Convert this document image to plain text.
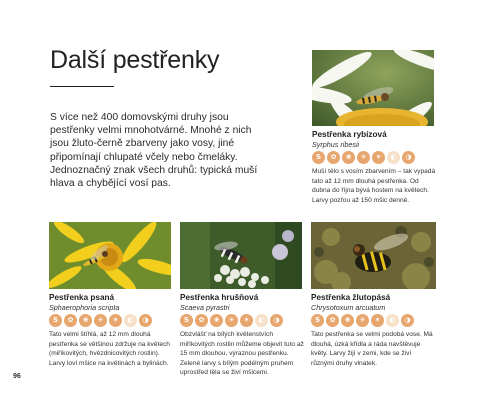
Další pestřenky
S více než 400 domovskými druhy jsou pestřenky velmi mnohotvárné. Mnohé z nich jsou žluto-černě zbarveny jako vosy, jiné připomínají chlupaté včely nebo čmeláky. Jednoznačný znak všech druhů: typická muší hlava a chybějící vosí pas.

Pestřenka rybízová

Syrphus ribesii

S	✿	❀	✳	✶	◐	◑

Muší tělo s vosím zbarvením – tak vypadá tato až 12 mm dlouhá pestřenka. Od dubna do října bývá hostem na květech. Larvy pozřou až 150 mšic denně.

Pestřenka psaná

Sphaerophoria scripta

S	✿	❀	✳	✶	◐	◑

Tato velmi štíhlá, až 12 mm dlouhá pestřenka se většinou zdržuje na květech (miříkovitých, hvězdnicovitých rostlin). Larvy loví mšice na květinách a bylinách.

Pestřenka hrušňová

Scaeva pyrastri

S	✿	❀	✳	✶	◐	◑

Obzvlášť na bílých květenstvích miříkovitých rostlin můžeme objevit tuto až 15 mm dlouhou, výraznou pestřenku. Zelené larvy s bílým podélným pruhem uprostřed těla se živí mšicemi.

Pestřenka žlutopásá

Chrysotoxum arcuatum

S	✿	❀	✳	✶	◐	◑

Tato pestřenka se velmi podobá vose. Má dlouhá, úzká křídla a ráda navštěvuje květy. Larvy žijí v zemi, kde se živí různými druhy vlnatek.

96
